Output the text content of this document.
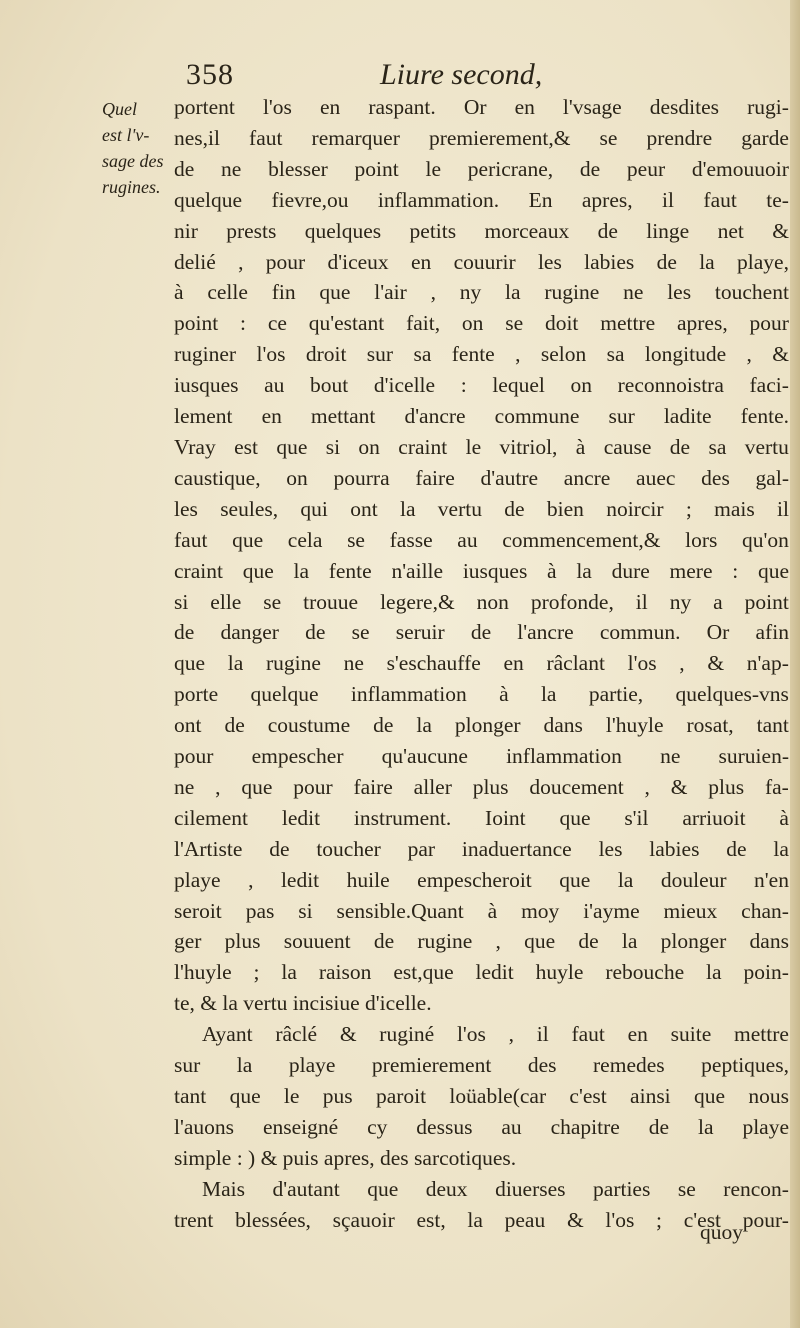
358	Liure second,
Quel
est l'v-
sage des
rugines.
portent l'os en raspant. Or en l'vsage desdites rugi-
nes,il faut remarquer premierement,& se prendre garde
de ne blesser point le pericrane, de peur d'emouuoir
quelque fievre,ou inflammation. En apres, il faut te-
nir prests quelques petits morceaux de linge net &
delié , pour d'iceux en couurir les labies de la playe,
à celle fin que l'air , ny la rugine ne les touchent
point : ce qu'estant fait, on se doit mettre apres, pour
ruginer l'os droit sur sa fente , selon sa longitude , &
iusques au bout d'icelle : lequel on reconnoistra faci-
lement en mettant d'ancre commune sur ladite fente.
Vray est que si on craint le vitriol, à cause de sa vertu
caustique, on pourra faire d'autre ancre auec des gal-
les seules, qui ont la vertu de bien noircir ; mais il
faut que cela se fasse au commencement,& lors qu'on
craint que la fente n'aille iusques à la dure mere : que
si elle se trouue legere,& non profonde, il ny a point
de danger de se seruir de l'ancre commun. Or afin
que la rugine ne s'eschauffe en râclant l'os , & n'ap-
porte quelque inflammation à la partie, quelques-vns
ont de coustume de la plonger dans l'huyle rosat, tant
pour empescher qu'aucune inflammation ne suruien-
ne , que pour faire aller plus doucement , & plus fa-
cilement ledit instrument. Ioint que s'il arriuoit à
l'Artiste de toucher par inaduertance les labies de la
playe , ledit huile empescheroit que la douleur n'en
seroit pas si sensible.Quant à moy i'ayme mieux chan-
ger plus souuent de rugine , que de la plonger dans
l'huyle ; la raison est,que ledit huyle rebouche la poin-
te, & la vertu incisiue d'icelle.
Ayant râclé & ruginé l'os , il faut en suite mettre
sur la playe premierement des remedes peptiques,
tant que le pus paroit loüable(car c'est ainsi que nous
l'auons enseigné cy dessus au chapitre de la playe
simple : ) & puis apres, des sarcotiques.
Mais d'autant que deux diuerses parties se rencon-
trent blessées, sçauoir est, la peau & l'os ; c'est pour-
quoy
